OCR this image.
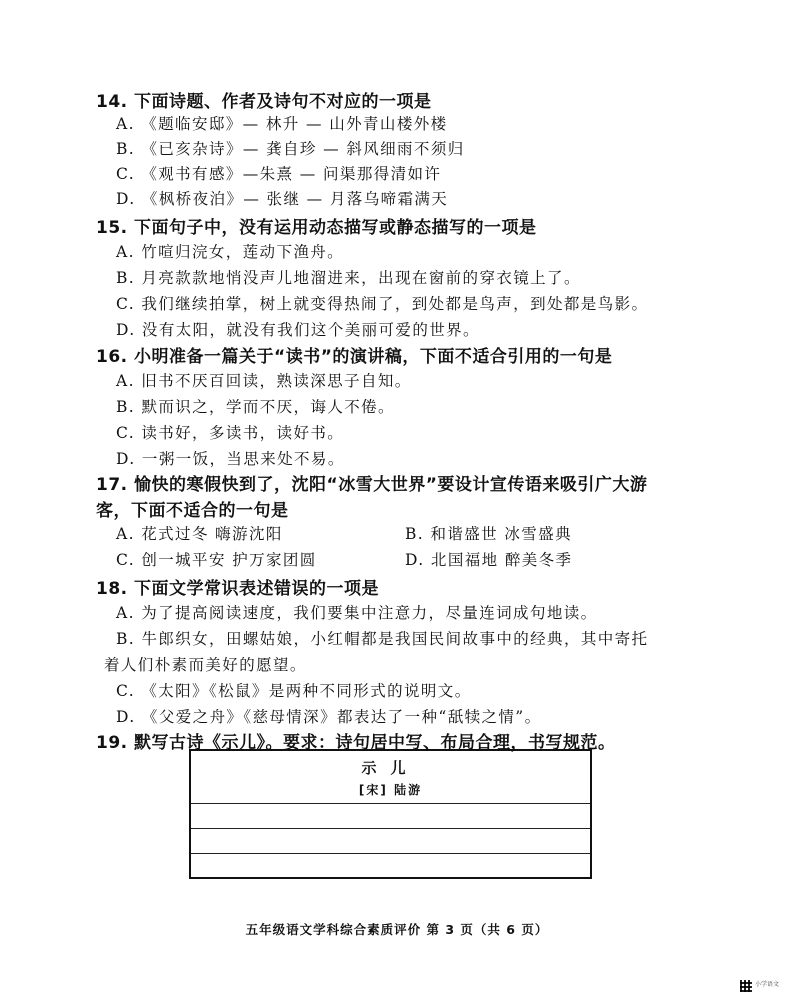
14. 下面诗题、作者及诗句不对应的一项是
A. 《题临安邸》— 林升 — 山外青山楼外楼
B. 《已亥杂诗》— 龚自珍 — 斜风细雨不须归
C. 《观书有感》—朱熹 — 问渠那得清如许
D. 《枫桥夜泊》— 张继 — 月落乌啼霜满天
15. 下面句子中，没有运用动态描写或静态描写的一项是
A. 竹喧归浣女，莲动下渔舟。
B. 月亮款款地悄没声儿地溜进来，出现在窗前的穿衣镜上了。
C. 我们继续拍掌，树上就变得热闹了，到处都是鸟声，到处都是鸟影。
D. 没有太阳，就没有我们这个美丽可爱的世界。
16. 小明准备一篇关于“读书”的演讲稿，下面不适合引用的一句是
A. 旧书不厌百回读，熟读深思子自知。
B. 默而识之，学而不厌，诲人不倦。
C. 读书好，多读书，读好书。
D. 一粥一饭，当思来处不易。
17. 愉快的寒假快到了，沈阳“冰雪大世界”要设计宣传语来吸引广大游
客，下面不适合的一句是
A. 花式过冬 嗨游沈阳	B. 和谐盛世 冰雪盛典
C. 创一城平安 护万家团圆	D. 北国福地 醉美冬季
18. 下面文学常识表述错误的一项是
A. 为了提高阅读速度，我们要集中注意力，尽量连词成句地读。
B. 牛郎织女，田螺姑娘，小红帽都是我国民间故事中的经典，其中寄托
着人们朴素而美好的愿望。
C. 《太阳》《松鼠》是两种不同形式的说明文。
D. 《父爱之舟》《慈母情深》都表达了一种“舐犊之情”。
19. 默写古诗《示儿》。要求：诗句居中写、布局合理，书写规范。
示儿
[宋] 陆游
五年级语文学科综合素质评价 第 3 页（共 6 页）
小学语文
